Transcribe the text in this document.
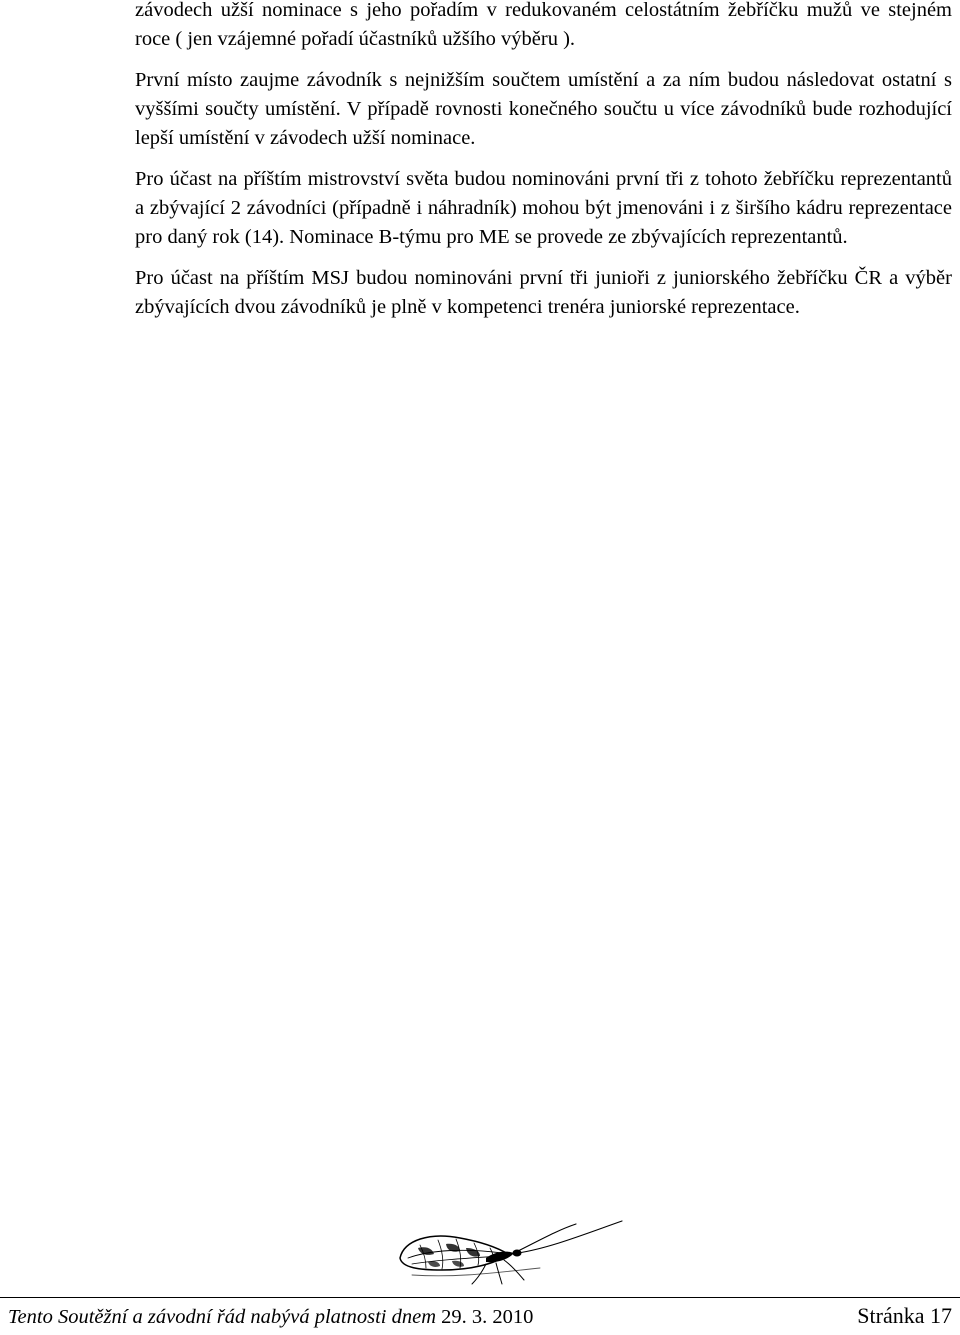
závodech užší nominace s jeho pořadím v redukovaném celostátním žebříčku mužů ve stejném roce ( jen vzájemné pořadí účastníků užšího výběru ).

První místo zaujme závodník s nejnižším součtem umístění a za ním budou následovat ostatní s vyššími součty umístění. V případě rovnosti konečného součtu u více závodníků bude rozhodující lepší umístění v závodech užší nominace.

Pro účast na příštím mistrovství světa budou nominováni první tři z tohoto žebříčku reprezentantů a zbývající 2 závodníci (případně i náhradník) mohou být jmenováni i z širšího kádru reprezentace pro daný rok (14). Nominace B-týmu pro ME se provede ze zbývajících reprezentantů.

Pro účast na příštím MSJ budou nominováni první tři junioři z juniorského žebříčku ČR a výběr zbývajících dvou závodníků je plně v kompetenci trenéra juniorské reprezentace.

Tento Soutěžní a závodní řád nabývá platnosti dnem 29. 3. 2010	Stránka 17
